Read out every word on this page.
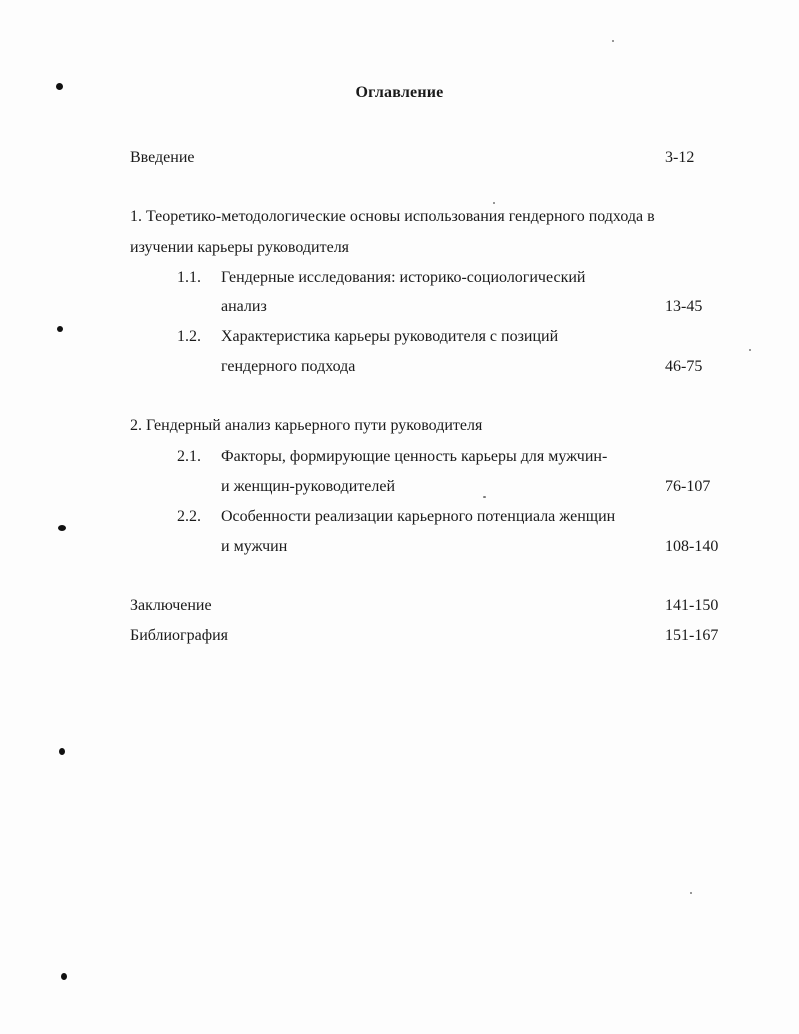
Оглавление
Введение	3-12
1. Теоретико-методологические основы использования гендерного подхода в
изучении карьеры руководителя
1.1. Гендерные исследования: историко-социологический
анализ	13-45
1.2. Характеристика карьеры руководителя с позиций
гендерного подхода	46-75
2. Гендерный анализ карьерного пути руководителя
2.1. Факторы, формирующие ценность карьеры для мужчин-
и женщин-руководителей	76-107
2.2. Особенности реализации карьерного потенциала женщин
и мужчин	108-140
Заключение	141-150
Библиография	151-167
